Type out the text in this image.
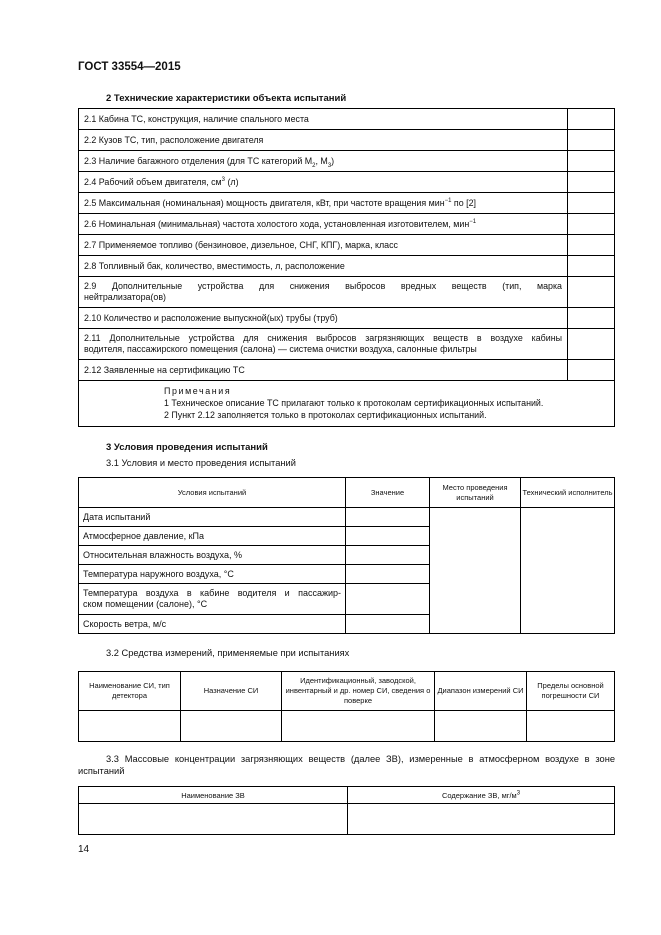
ГОСТ 33554—2015
2 Технические характеристики объекта испытаний
2.1 Кабина ТС, конструкция, наличие спального места	
2.2 Кузов ТС, тип, расположение двигателя	
2.3 Наличие багажного отделения (для ТС категорий $M_2$, $M_3$)	
2.4 Рабочий объем двигателя, $см^3$ (л)	
2.5 Максимальная (номинальная) мощность двигателя, кВт, при частоте вращения мин$^{-1}$ по [2]	
2.6 Номинальная (минимальная) частота холостого хода, установленная изготовителем, мин$^{-1}$	
2.7 Применяемое топливо (бензиновое, дизельное, СНГ, КПГ), марка, класс	
2.8 Топливный бак, количество, вместимость, л, расположение	

2.9 Дополнительные устройства для снижения выбросов вредных веществ (тип, марка
нейтрализатора(ов)	

2.10 Количество и расположение выпускной(ых) трубы (труб)	

2.11 Дополнительные устройства для снижения выбросов загрязняющих веществ в воздухе кабины
водителя, пассажирского помещения (салона) — система очистки воздуха, салонные фильтры	

2.12 Заявленные на сертификацию ТС	

Примечания
1 Техническое описание ТС прилагают только к протоколам сертификационных испытаний.
2 Пункт 2.12 заполняется только в протоколах сертификационных испытаний.	
3 Условия проведения испытаний
3.1 Условия и место проведения испытаний
Условия испытаний	Значение	Место проведения испытаний	Технический исполнитель
Дата испытаний			
Атмосферное давление, кПа			
Относительная влажность воздуха, %			
Температура наружного воздуха, °С			

Температура воздуха в кабине водителя и пассажир-
ском помещении (салоне), °С			

Скорость ветра, м/с			
3.2 Средства измерений, применяемые при испытаниях
Наименование СИ, тип детектора	Назначение СИ	Идентификационный, заводской, инвентарный и др. номер СИ, сведения о поверке	Диапазон измерений СИ	Пределы основной погрешности СИ

3.3 Массовые концентрации загрязняющих веществ (далее ЗВ), измеренные в атмосферном воздухе в зоне испытаний
Наименование ЗВ	Содержание ЗВ, $мг/м^3$

14
